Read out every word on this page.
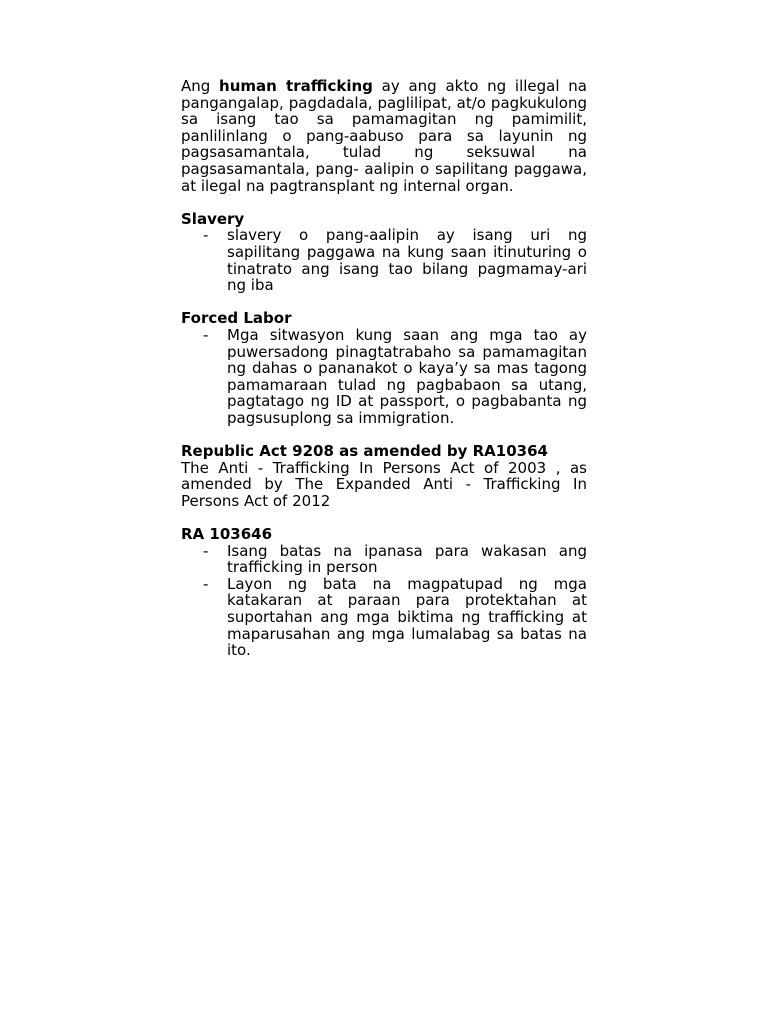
Ang human trafficking ay ang akto ng illegal na pangangalap, pagdadala, paglilipat, at/o pagkukulong sa isang tao sa pamamagitan ng pamimilit, panlilinlang o pang-aabuso para sa layunin ng pagsasamantala, tulad ng seksuwal na pagsasamantala, pang- aalipin o sapilitang paggawa, at ilegal na pagtransplant ng internal organ.

Slavery

- slavery o pang-aalipin ay isang uri ng sapilitang paggawa na kung saan itinuturing o tinatrato ang isang tao bilang pagmamay-ari ng iba

Forced Labor

- Mga sitwasyon kung saan ang mga tao ay puwersadong pinagtatrabaho sa pamamagitan ng dahas o pananakot o kaya’y sa mas tagong pamamaraan tulad ng pagbabaon sa utang, pagtatago ng ID at passport, o pagbabanta ng pagsusuplong sa immigration.

Republic Act 9208 as amended by RA10364

The Anti - Trafficking In Persons Act of 2003 , as amended by The Expanded Anti - Trafficking In Persons Act of 2012

RA 103646

- Isang batas na ipanasa para wakasan ang trafficking in person
- Layon ng bata na magpatupad ng mga katakaran at paraan para protektahan at suportahan ang mga biktima ng trafficking at maparusahan ang mga lumalabag sa batas na ito.
